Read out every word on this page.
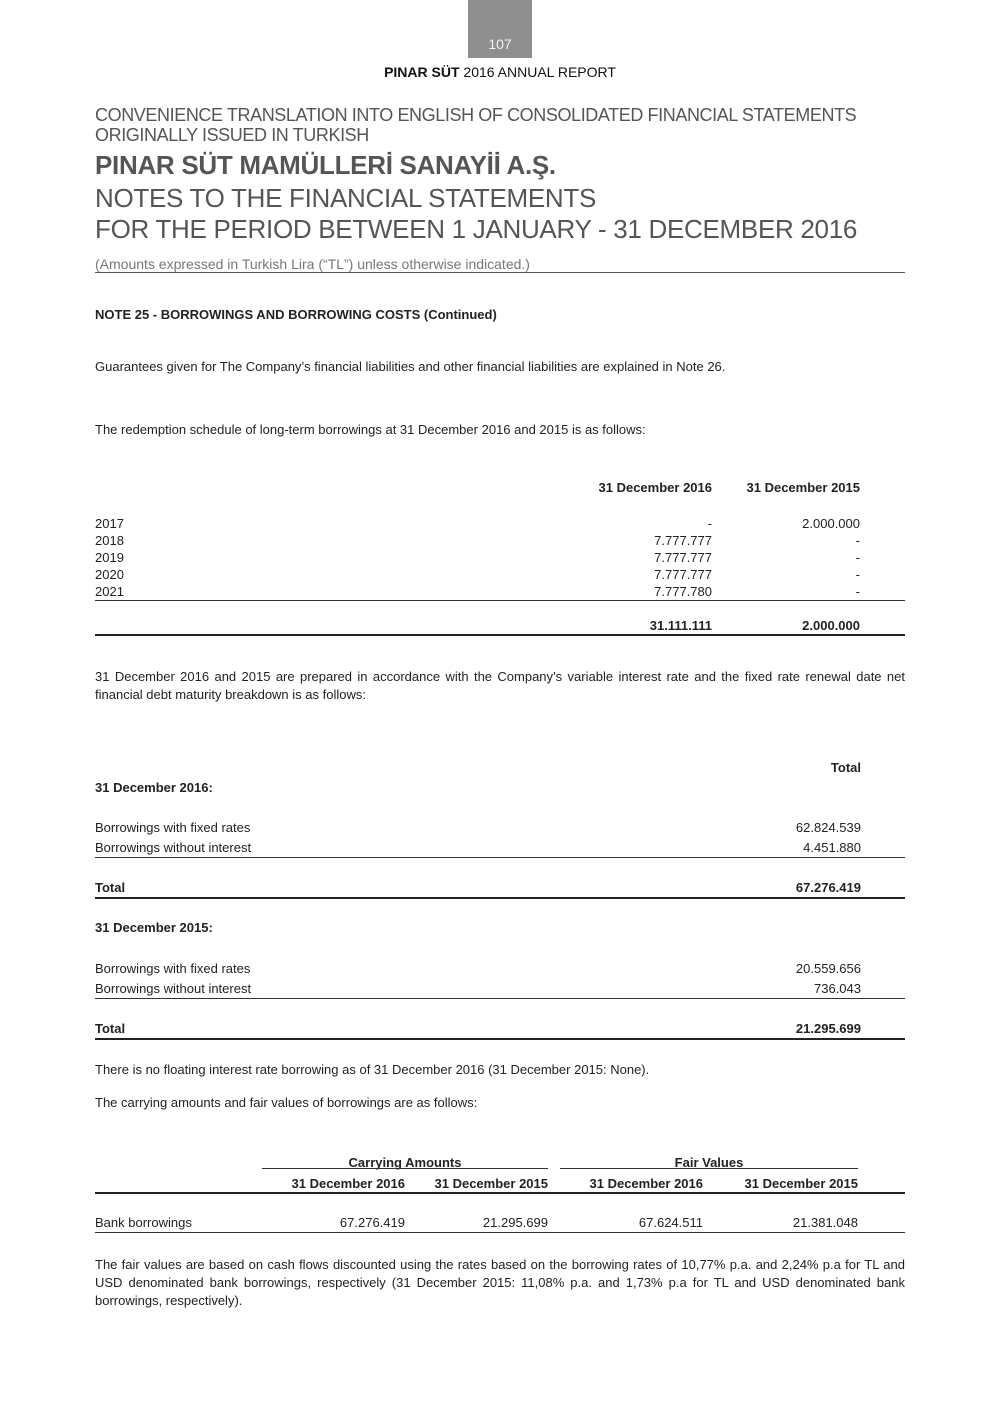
107
PINAR SÜT 2016 ANNUAL REPORT
CONVENIENCE TRANSLATION INTO ENGLISH OF CONSOLIDATED FINANCIAL STATEMENTS
ORIGINALLY ISSUED IN TURKISH
PINAR SÜT MAMÜLLERİ SANAYİİ A.Ş.
NOTES TO THE FINANCIAL STATEMENTS
FOR THE PERIOD BETWEEN 1 JANUARY - 31 DECEMBER 2016
(Amounts expressed in Turkish Lira (“TL”) unless otherwise indicated.)
NOTE 25 - BORROWINGS AND BORROWING COSTS (Continued)
Guarantees given for The Company’s financial liabilities and other financial liabilities are explained in Note 26.
The redemption schedule of long-term borrowings at 31 December 2016 and 2015 is as follows:
31 December 2016	31 December 2015
2017	-	2.000.000
2018	7.777.777	-
2019	7.777.777	-
2020	7.777.777	-
2021	7.777.780	-
31.111.111	2.000.000
31 December 2016 and 2015 are prepared in accordance with the Company’s variable interest rate and the fixed rate renewal date net financial debt maturity breakdown is as follows:
Total
31 December 2016:
Borrowings with fixed rates	62.824.539
Borrowings without interest	4.451.880
Total	67.276.419
31 December 2015:
Borrowings with fixed rates	20.559.656
Borrowings without interest	736.043
Total	21.295.699
There is no floating interest rate borrowing as of 31 December 2016 (31 December 2015: None).
The carrying amounts and fair values of borrowings are as follows:
Carrying Amounts	Fair Values
31 December 2016	31 December 2015	31 December 2016	31 December 2015
Bank borrowings	67.276.419	21.295.699	67.624.511	21.381.048
The fair values are based on cash flows discounted using the rates based on the borrowing rates of 10,77% p.a. and 2,24% p.a for TL and USD denominated bank borrowings, respectively (31 December 2015: 11,08% p.a. and 1,73% p.a for TL and USD denominated bank borrowings, respectively).
